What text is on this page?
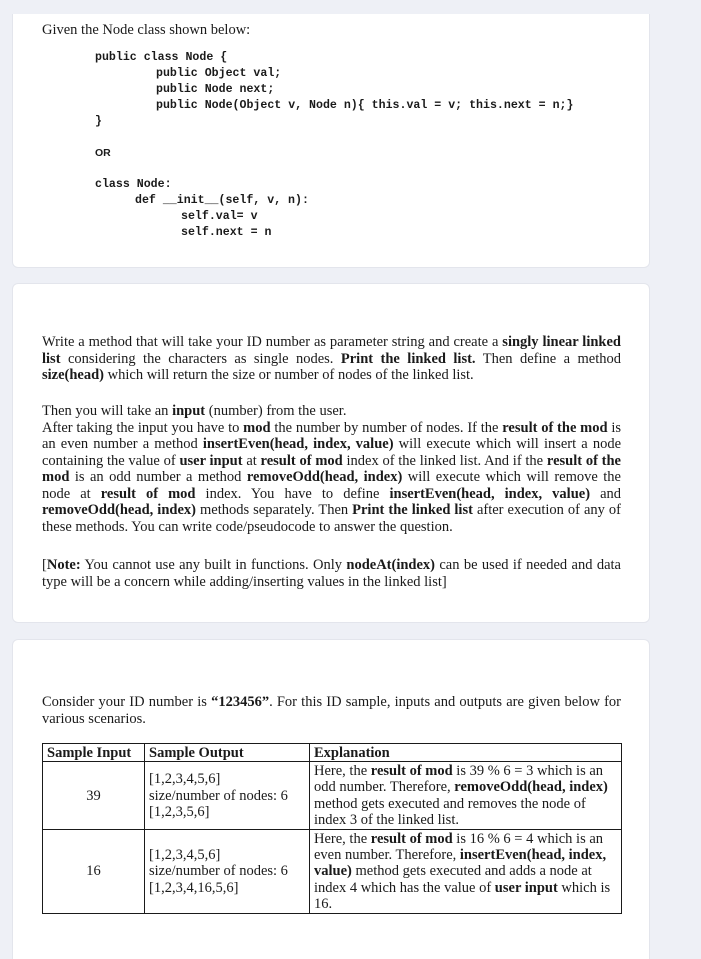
Given the Node class shown below:

public class Node {

public Object val;

public Node next;

public Node(Object v, Node n){ this.val = v; this.next = n;}

}

OR

class Node:

def __init__(self, v, n):

self.val= v

self.next = n

Write a method that will take your ID number as parameter string and create a singly linear linked list considering the characters as single nodes. Print the linked list. Then define a method size(head) which will return the size or number of nodes of the linked list.

Then you will take an input (number) from the user.
After taking the input you have to mod the number by number of nodes. If the result of the mod is an even number a method insertEven(head, index, value) will execute which will insert a node containing the value of user input at result of mod index of the linked list. And if the result of the mod is an odd number a method removeOdd(head, index) will execute which will remove the node at result of mod index. You have to define insertEven(head, index, value) and removeOdd(head, index) methods separately. Then Print the linked list after execution of any of these methods. You can write code/pseudocode to answer the question.

[Note: You cannot use any built in functions. Only nodeAt(index) can be used if needed and data type will be a concern while adding/inserting values in the linked list]

Consider your ID number is “123456”. For this ID sample, inputs and outputs are given below for various scenarios.

Sample Input	Sample Output	Explanation
39	[1,2,3,4,5,6]
size/number of nodes: 6
[1,2,3,5,6]	Here, the result of mod is 39 % 6 = 3 which is an odd number. Therefore, removeOdd(head, index) method gets executed and removes the node of index 3 of the linked list.
16	[1,2,3,4,5,6]
size/number of nodes: 6
[1,2,3,4,16,5,6]	Here, the result of mod is 16 % 6 = 4 which is an even number. Therefore, insertEven(head, index, value) method gets executed and adds a node at index 4 which has the value of user input which is 16.
